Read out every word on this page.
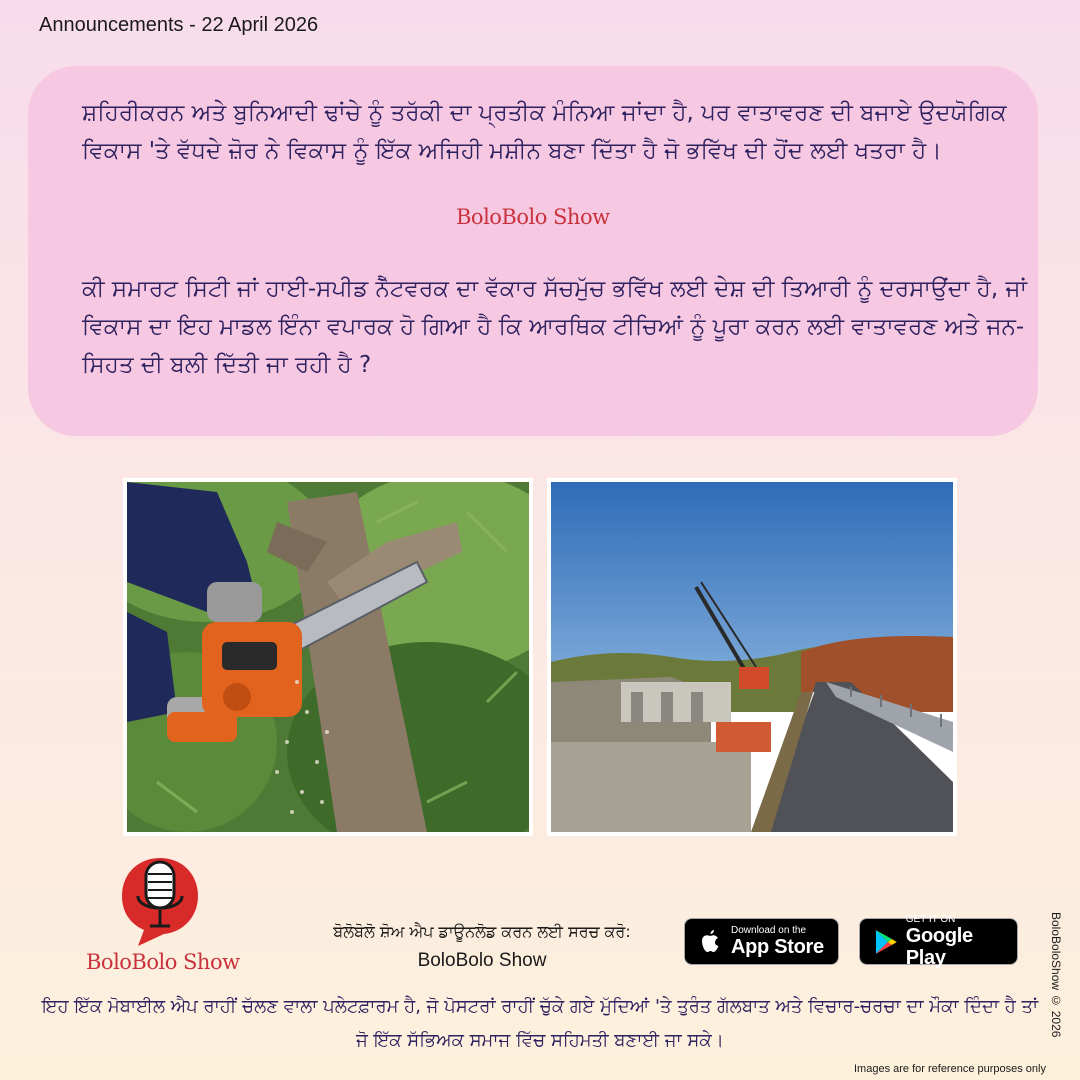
Announcements - 22 April 2026

ਸ਼ਹਿਰੀਕਰਨ ਅਤੇ ਬੁਨਿਆਦੀ ਢਾਂਚੇ ਨੂੰ ਤਰੱਕੀ ਦਾ ਪ੍ਰਤੀਕ ਮੰਨਿਆ ਜਾਂਦਾ ਹੈ, ਪਰ ਵਾਤਾਵਰਣ ਦੀ ਬਜਾਏ ਉਦਯੋਗਿਕ ਵਿਕਾਸ 'ਤੇ ਵੱਧਦੇ ਜ਼ੋਰ ਨੇ ਵਿਕਾਸ ਨੂੰ ਇੱਕ ਅਜਿਹੀ ਮਸ਼ੀਨ ਬਣਾ ਦਿੱਤਾ ਹੈ ਜੋ ਭਵਿੱਖ ਦੀ ਹੋਂਦ ਲਈ ਖਤਰਾ ਹੈ।

BoloBolo Show

ਕੀ ਸਮਾਰਟ ਸਿਟੀ ਜਾਂ ਹਾਈ-ਸਪੀਡ ਨੈੱਟਵਰਕ ਦਾ ਵੱਕਾਰ ਸੱਚਮੁੱਚ ਭਵਿੱਖ ਲਈ ਦੇਸ਼ ਦੀ ਤਿਆਰੀ ਨੂੰ ਦਰਸਾਉਂਦਾ ਹੈ, ਜਾਂ ਵਿਕਾਸ ਦਾ ਇਹ ਮਾਡਲ ਇੰਨਾ ਵਪਾਰਕ ਹੋ ਗਿਆ ਹੈ ਕਿ ਆਰਥਿਕ ਟੀਚਿਆਂ ਨੂੰ ਪੂਰਾ ਕਰਨ ਲਈ ਵਾਤਾਵਰਣ ਅਤੇ ਜਨ-ਸਿਹਤ ਦੀ ਬਲੀ ਦਿੱਤੀ ਜਾ ਰਹੀ ਹੈ ?

BoloBolo Show
ਬੋਲੋਬੋਲੋ ਸ਼ੋਅ ਐਪ ਡਾਊਨਲੋਡ ਕਰਨ ਲਈ ਸਰਚ ਕਰੋ:
BoloBolo Show
Download on the
App Store
GET IT ON
Google Play

ਇਹ ਇੱਕ ਮੋਬਾਈਲ ਐਪ ਰਾਹੀਂ ਚੱਲਣ ਵਾਲਾ ਪਲੇਟਫ਼ਾਰਮ ਹੈ, ਜੋ ਪੋਸਟਰਾਂ ਰਾਹੀਂ ਚੁੱਕੇ ਗਏ ਮੁੱਦਿਆਂ 'ਤੇ ਤੁਰੰਤ ਗੱਲਬਾਤ ਅਤੇ ਵਿਚਾਰ-ਚਰਚਾ ਦਾ ਮੌਕਾ ਦਿੰਦਾ ਹੈ ਤਾਂ ਜੋ ਇੱਕ ਸੱਭਿਅਕ ਸਮਾਜ ਵਿੱਚ ਸਹਿਮਤੀ ਬਣਾਈ ਜਾ ਸਕੇ।

BoloBoloShow © 2026
Images are for reference purposes only
